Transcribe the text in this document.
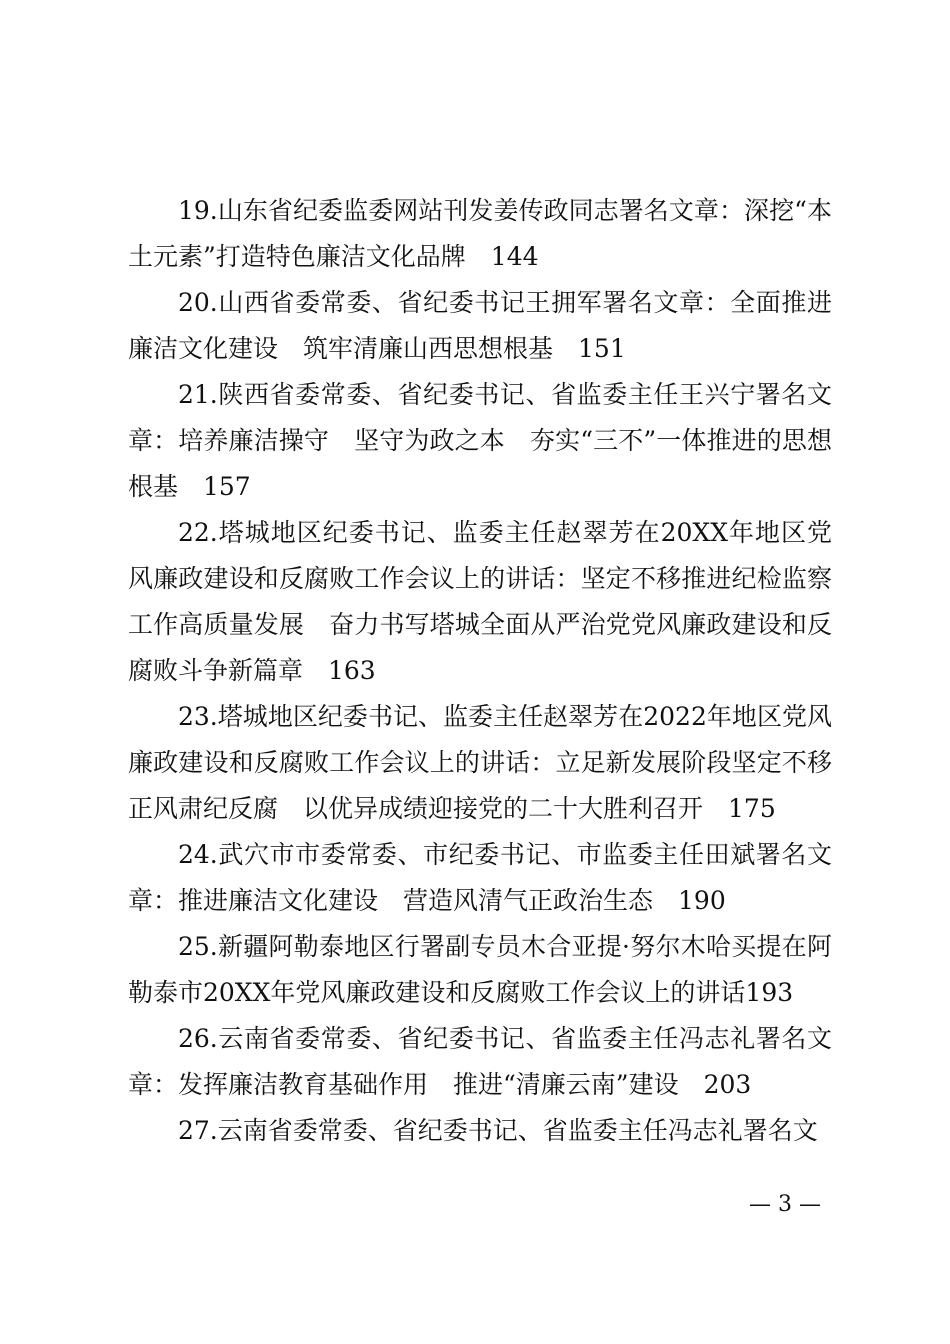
19.山东省纪委监委网站刊发姜传政同志署名文章：深挖“本土元素”打造特色廉洁文化品牌　144

20.山西省委常委、省纪委书记王拥军署名文章：全面推进廉洁文化建设　筑牢清廉山西思想根基　151

21.陕西省委常委、省纪委书记、省监委主任王兴宁署名文章：培养廉洁操守　坚守为政之本　夯实“三不”一体推进的思想根基　157

22.塔城地区纪委书记、监委主任赵翠芳在20XX年地区党风廉政建设和反腐败工作会议上的讲话：坚定不移推进纪检监察工作高质量发展　奋力书写塔城全面从严治党党风廉政建设和反腐败斗争新篇章　163

23.塔城地区纪委书记、监委主任赵翠芳在2022年地区党风廉政建设和反腐败工作会议上的讲话：立足新发展阶段坚定不移正风肃纪反腐　以优异成绩迎接党的二十大胜利召开　175

24.武穴市市委常委、市纪委书记、市监委主任田斌署名文章：推进廉洁文化建设　营造风清气正政治生态　190

25.新疆阿勒泰地区行署副专员木合亚提·努尔木哈买提在阿勒泰市20XX年党风廉政建设和反腐败工作会议上的讲话193

26.云南省委常委、省纪委书记、省监委主任冯志礼署名文章：发挥廉洁教育基础作用　推进“清廉云南”建设　203

27.云南省委常委、省纪委书记、省监委主任冯志礼署名文

— 3 —
